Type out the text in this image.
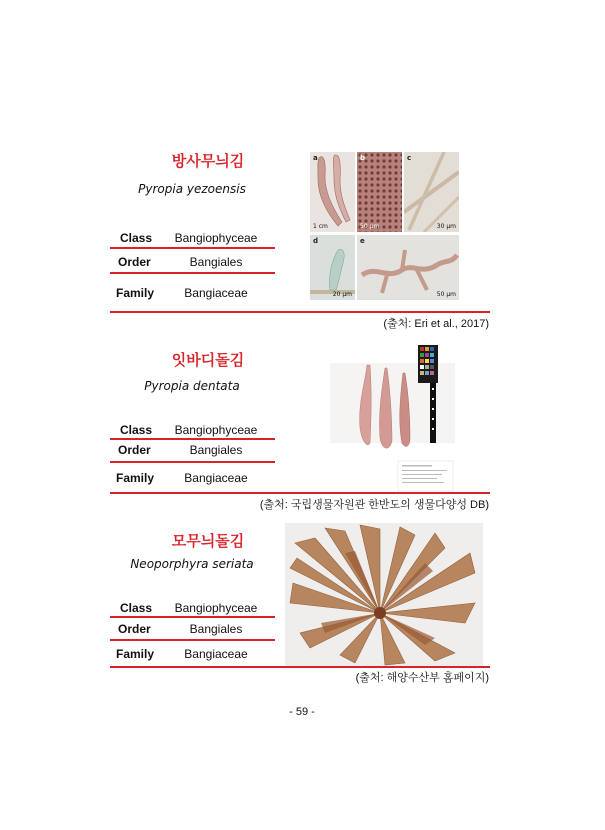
방사무늬김
Pyropia yezoensis
Class	Bangiophyceae
Order	Bangiales
Family	Bangiaceae
a
1 cm
b
50 μm
c
30 μm
d
20 μm
e
50 μm
(출처: Eri et al., 2017)
잇바디돌김
Pyropia dentata
Class	Bangiophyceae
Order	Bangiales
Family	Bangiaceae
(출처: 국립생물자원관 한반도의 생물다양성 DB)
모무늬돌김
Neoporphyra seriata
Class	Bangiophyceae
Order	Bangiales
Family	Bangiaceae
(출처: 해양수산부 홈페이지)
- 59 -
